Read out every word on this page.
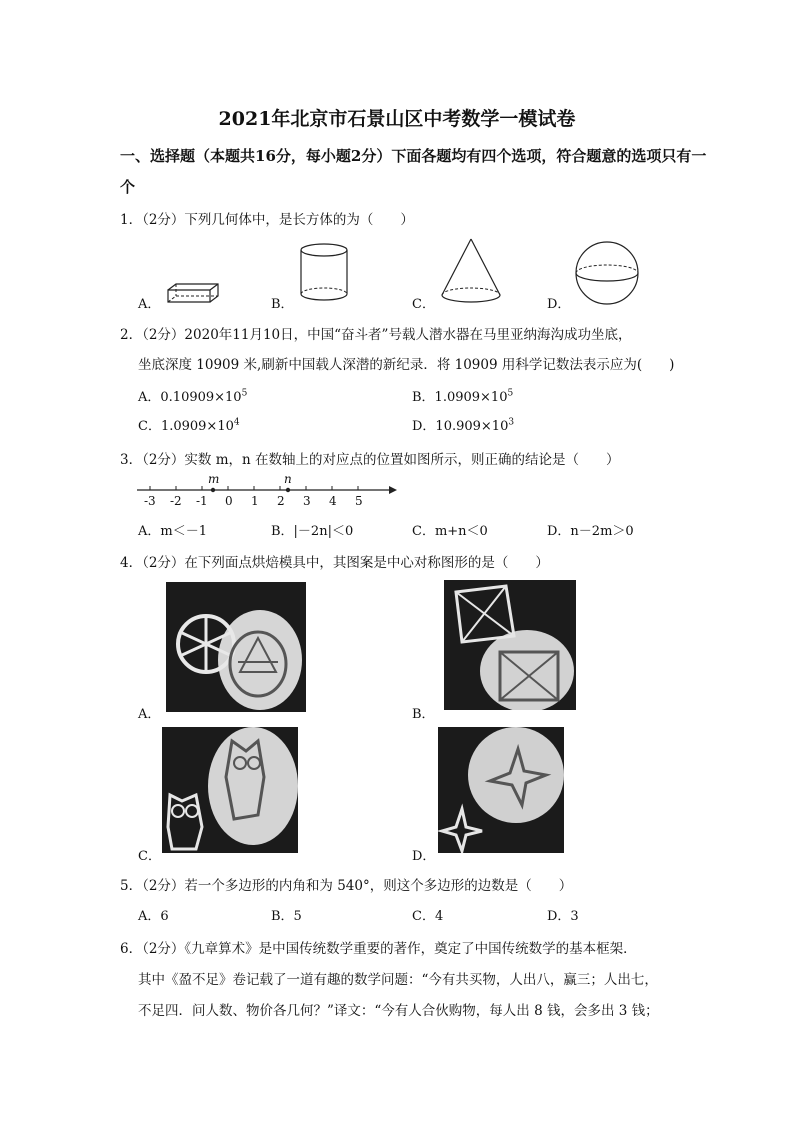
2021年北京市石景山区中考数学一模试卷
一、选择题（本题共16分，每小题2分）下面各题均有四个选项，符合题意的选项只有一
个
1．（2分）下列几何体中，是长方体的为（　　）
A．	B．	C．	D．
2．（2分）2020年11月10日，中国“奋斗者”号载人潜水器在马里亚纳海沟成功坐底，
坐底深度 10909 米,刷新中国载人深潜的新纪录．将 10909 用科学记数法表示应为(　　)
A．$0.10909\times 10^5$	B．$1.0909\times 10^5$
C．$1.0909\times 10^4$	D．$10.909\times 10^3$
3．（2分）实数 m，n 在数轴上的对应点的位置如图所示，则正确的结论是（　　）
-3 -2 -1 0 1 2 3 4 5
m	n
A．m＜－1	B．|－2n|＜0	C．m+n＜0	D．n－2m＞0
4．（2分）在下列面点烘焙模具中，其图案是中心对称图形的是（　　）
A．	B．
C．	D．
5．（2分）若一个多边形的内角和为 540°，则这个多边形的边数是（　　）
A．6	B．5	C．4	D．3
6．（2分）《九章算术》是中国传统数学重要的著作，奠定了中国传统数学的基本框架．
其中《盈不足》卷记载了一道有趣的数学问题：“今有共买物，人出八，赢三；人出七，
不足四．问人数、物价各几何？”译文：“今有人合伙购物，每人出 8 钱，会多出 3 钱；
